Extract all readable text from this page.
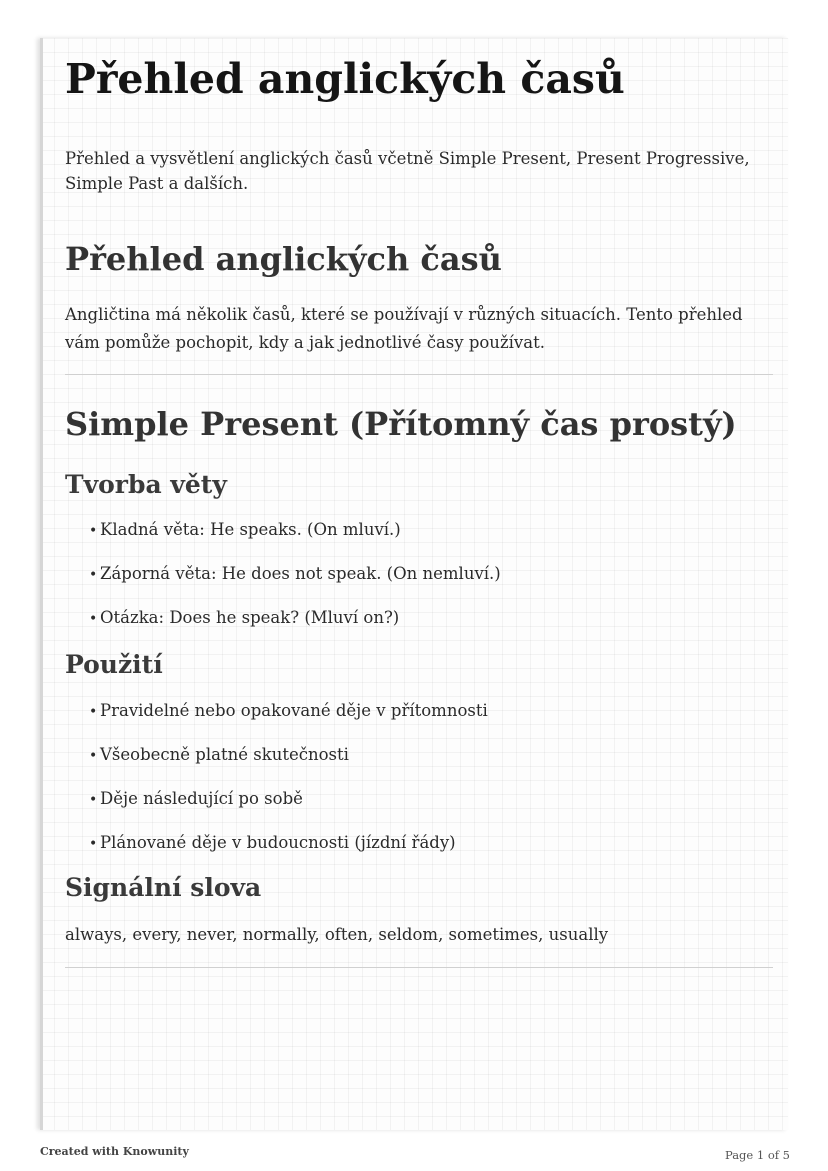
Přehled anglických časů

Přehled a vysvětlení anglických časů včetně Simple Present, Present Progressive, Simple Past a dalších.

Přehled anglických časů

Angličtina má několik časů, které se používají v různých situacích. Tento přehled vám pomůže pochopit, kdy a jak jednotlivé časy používat.

Simple Present (Přítomný čas prostý)
Tvorba věty
• Kladná věta: He speaks. (On mluví.)
• Záporná věta: He does not speak. (On nemluví.)
• Otázka: Does he speak? (Mluví on?)
Použití
• Pravidelné nebo opakované děje v přítomnosti
• Všeobecně platné skutečnosti
• Děje následující po sobě
• Plánované děje v budoucnosti (jízdní řády)
Signální slova

always, every, never, normally, often, seldom, sometimes, usually

Created with Knowunity	Page 1 of 5
